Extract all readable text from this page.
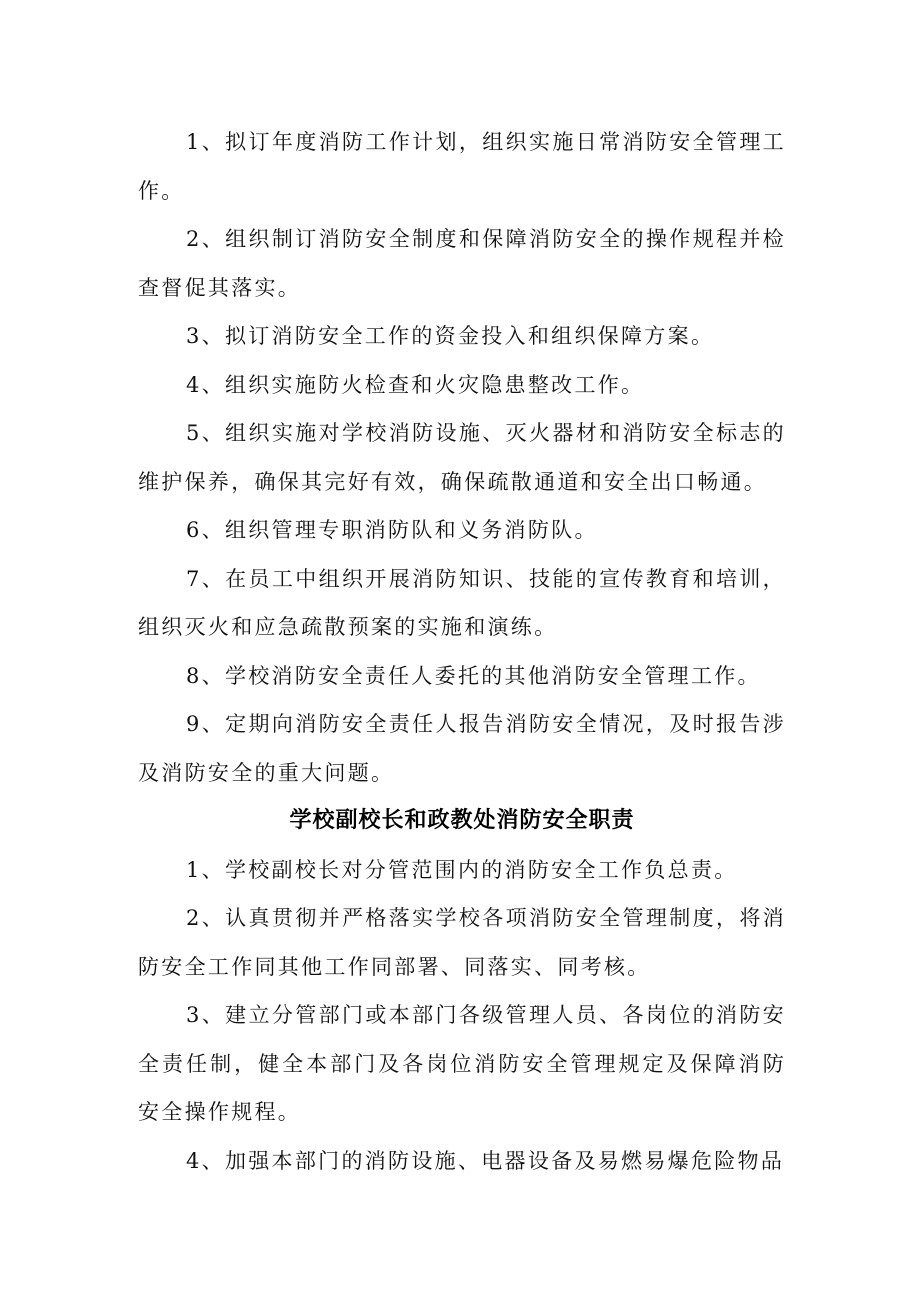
1、拟订年度消防工作计划，组织实施日常消防安全管理工作。

2、组织制订消防安全制度和保障消防安全的操作规程并检查督促其落实。

3、拟订消防安全工作的资金投入和组织保障方案。

4、组织实施防火检查和火灾隐患整改工作。

5、组织实施对学校消防设施、灭火器材和消防安全标志的维护保养，确保其完好有效，确保疏散通道和安全出口畅通。

6、组织管理专职消防队和义务消防队。

7、在员工中组织开展消防知识、技能的宣传教育和培训，组织灭火和应急疏散预案的实施和演练。

8、学校消防安全责任人委托的其他消防安全管理工作。

9、定期向消防安全责任人报告消防安全情况，及时报告涉及消防安全的重大问题。

学校副校长和政教处消防安全职责

1、学校副校长对分管范围内的消防安全工作负总责。

2、认真贯彻并严格落实学校各项消防安全管理制度，将消防安全工作同其他工作同部署、同落实、同考核。

3、建立分管部门或本部门各级管理人员、各岗位的消防安全责任制，健全本部门及各岗位消防安全管理规定及保障消防安全操作规程。

4、加强本部门的消防设施、电器设备及易燃易爆危险物品
